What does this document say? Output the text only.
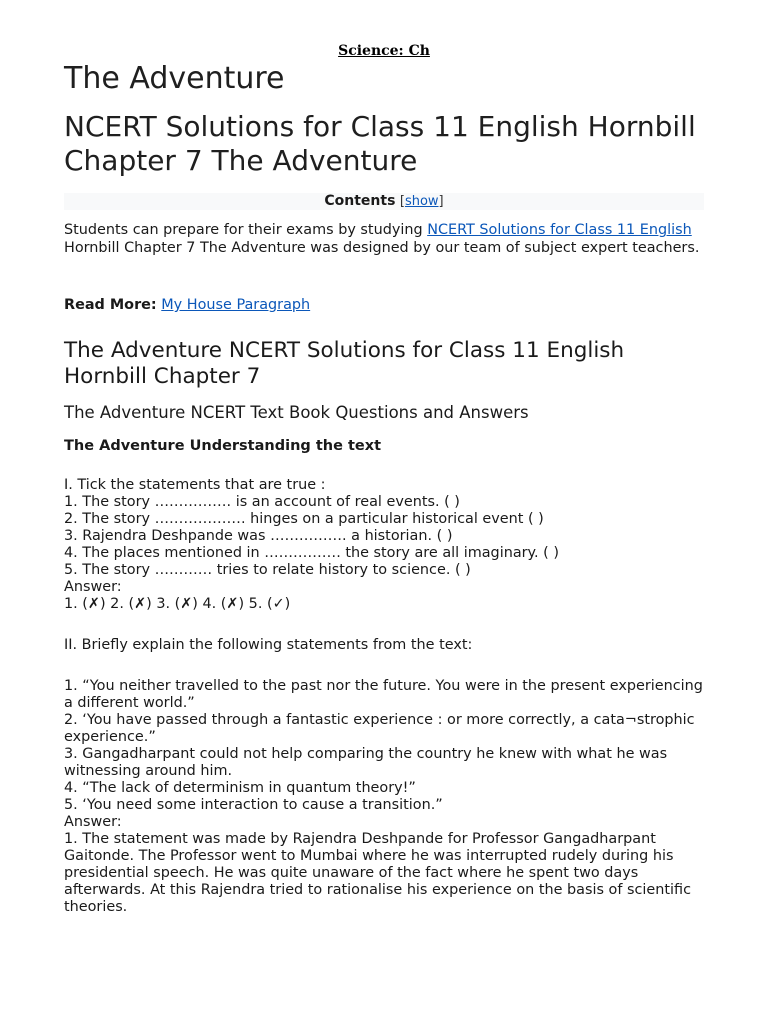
Science: Ch
The Adventure
NCERT Solutions for Class 11 English Hornbill Chapter 7 The Adventure
Contents [show]

Students can prepare for their exams by studying NCERT Solutions for Class 11 English Hornbill Chapter 7 The Adventure was designed by our team of subject expert teachers.

Read More: My House Paragraph

The Adventure NCERT Solutions for Class 11 English Hornbill Chapter 7
The Adventure NCERT Text Book Questions and Answers
The Adventure Understanding the text
I. Tick the statements that are true :
1. The story ……………. is an account of real events. ( )
2. The story ………………. hinges on a particular historical event ( )
3. Rajendra Deshpande was ……………. a historian. ( )
4. The places mentioned in ……………. the story are all imaginary. ( )
5. The story ………… tries to relate history to science. ( )
Answer:
1. (✗) 2. (✗) 3. (✗) 4. (✗) 5. (✓)
II. Briefly explain the following statements from the text:
1. “You neither travelled to the past nor the future. You were in the present experiencing a different world.”
2. ‘You have passed through a fantastic experience : or more correctly, a cata¬strophic experience.”
3. Gangadharpant could not help comparing the country he knew with what he was witnessing around him.
4. “The lack of determinism in quantum theory!”
5. ‘You need some interaction to cause a transition.”
Answer:
1. The statement was made by Rajendra Deshpande for Professor Gangadharpant Gaitonde. The Professor went to Mumbai where he was interrupted rudely during his presidential speech. He was quite unaware of the fact where he spent two days afterwards. At this Rajendra tried to rationalise his experience on the basis of scientific theories.
